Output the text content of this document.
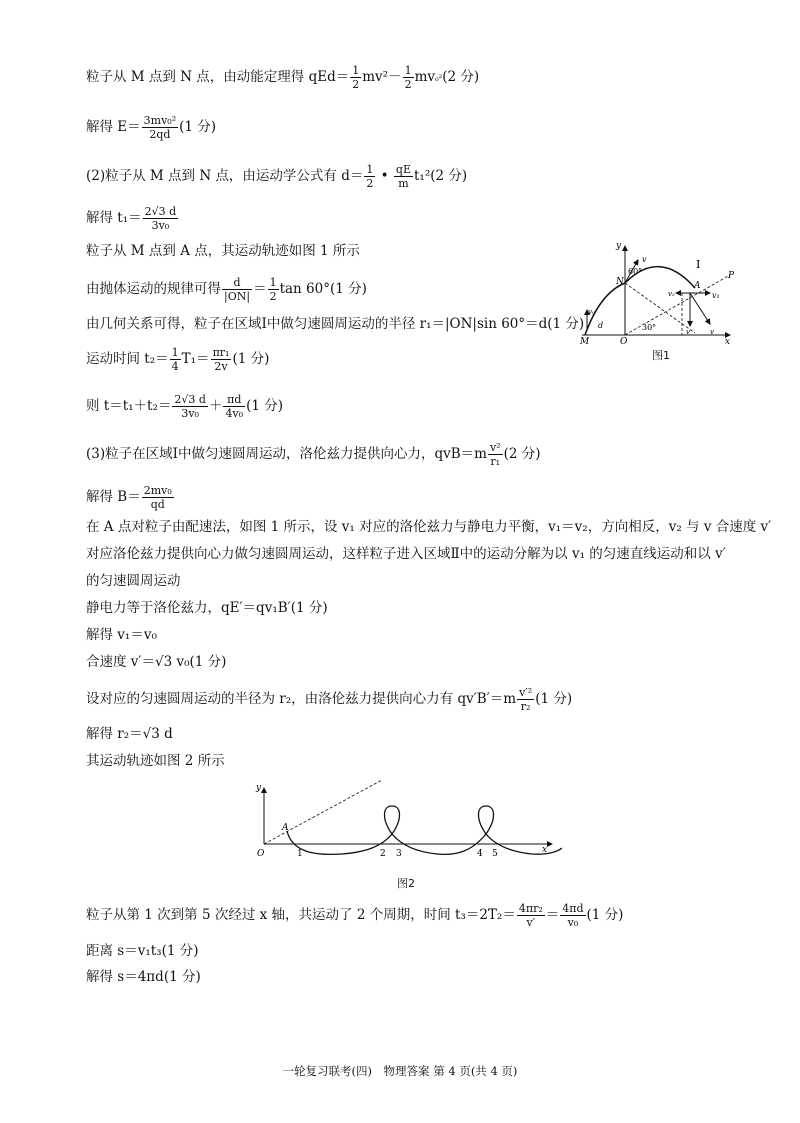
粒子从 M 点到 N 点，由动能定理得 $qEd= \frac{1}{2} mv^2- \frac{1}{2} mv_0^2(2$ 分)
解得 $E= \frac{\text{3mv₀²}}{2qd} (1$ 分)
(2)粒子从 M 点到 N 点，由运动学公式有 $d= \frac{1}{2}$ • $\frac{qE}{m} t_1^2(2$ 分)
解得 $t_1= \frac{2√3 d}{\text{3v₀}}$
粒子从 M 点到 A 点，其运动轨迹如图 1 所示
由抛体运动的规律可得 $\frac{d}{|ON|} = \frac{1}{2}$ tan 60°(1 分)
由几何关系可得，粒子在区域Ⅰ中做匀速圆周运动的半径 r₁＝|ON|sin 60°＝d(1 分)
运动时间 $t_2= \frac{1}{4} T_1= \frac{\text{πr₁}}{2v} (1$ 分)
则 $t=t_1+t_2= \frac{2√3 d}{\text{3v₀}} + \frac{\pi d}{\text{4v₀}} (1$ 分)
(3)粒子在区域Ⅰ中做匀速圆周运动，洛伦兹力提供向心力，$qvB=m \frac{\text{v²}}{\text{r₁}} (2$ 分)
解得 $B= \frac{\text{2mv₀}}{qd}$
在 A 点对粒子由配速法，如图 1 所示，设 v₁ 对应的洛伦兹力与静电力平衡，v₁＝v₂，方向相反，v₂ 与 v 合速度 v′
对应洛伦兹力提供向心力做匀速圆周运动，这样粒子进入区域Ⅱ中的运动分解为以 v₁ 的匀速直线运动和以 v′
的匀速圆周运动
静电力等于洛伦兹力，qE′＝qv₁B′(1 分)
解得 v₁＝v₀
合速度 v′＝√3 v₀(1 分)
设对应的匀速圆周运动的半径为 r₂，由洛伦兹力提供向心力有 $qv'B'=m \frac{\text{v′²}}{\text{r₂}} (1$ 分)
解得 r₂＝√3 d
其运动轨迹如图 2 所示
粒子从第 1 次到第 5 次经过 x 轴，共运动了 2 个周期，时间 $t_3=2T_2= \frac{\text{4πr₂}}{v'} = \frac{4\pi d}{\text{v₀}} (1$ 分)
距离 s＝v₁t₃(1 分)
解得 s＝4πd(1 分)
y
x
O
M
N	A
P
Ⅰ
v
v₁
v₂
v₀
d
60°
30°	v	v
图1
y
x
O
A
1	2 3	4 5
图2
一轮复习联考(四)　物理答案 第 4 页(共 4 页)
